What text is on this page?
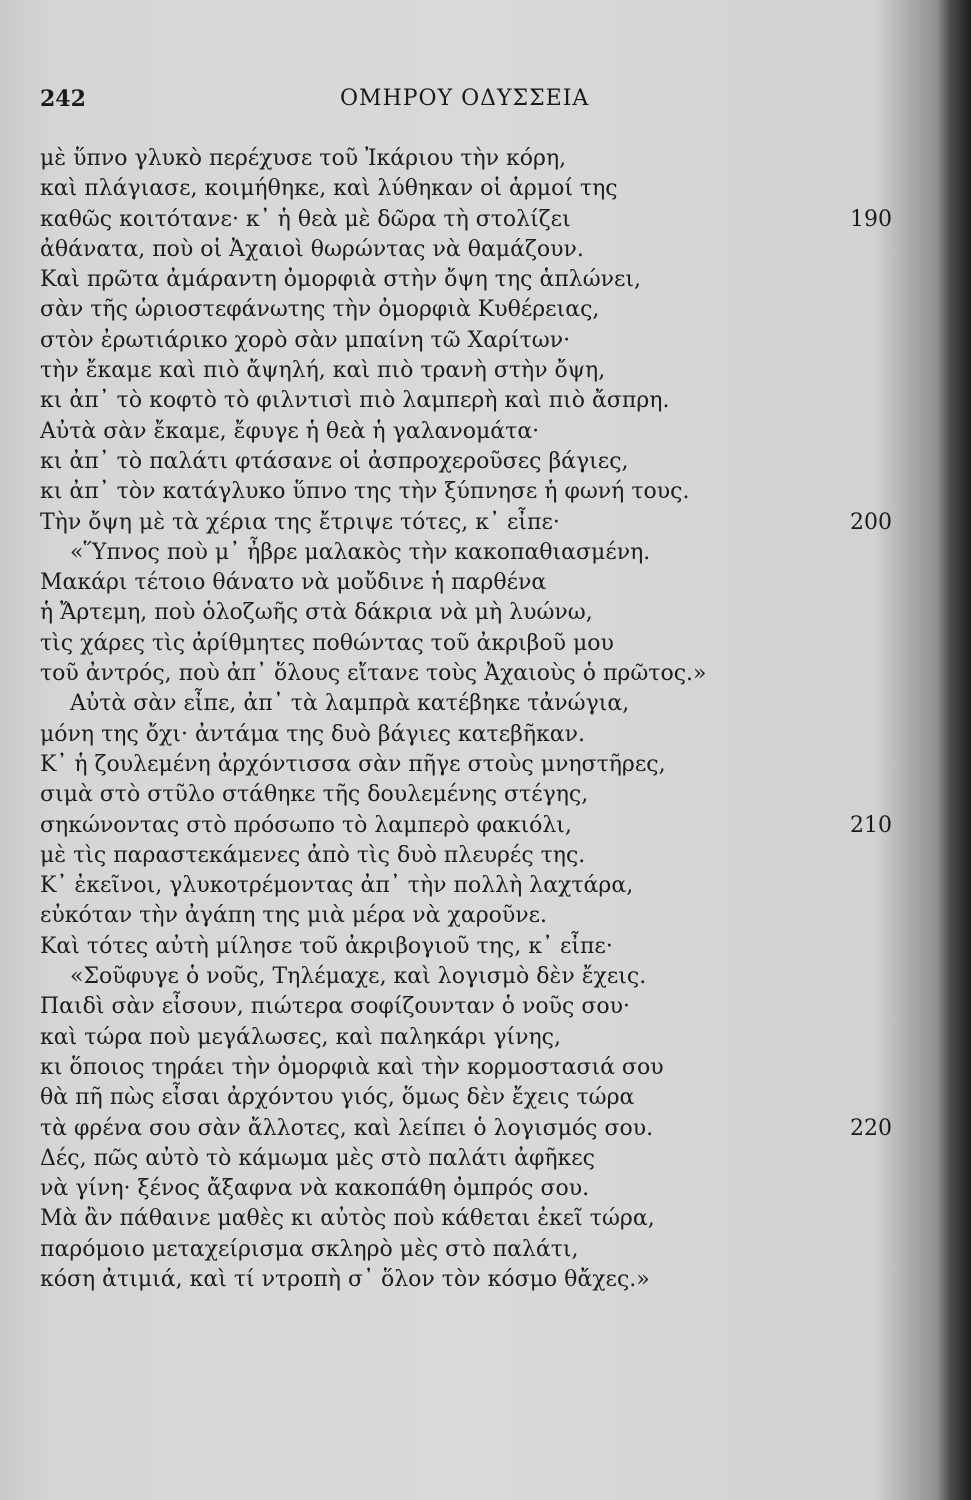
242	ΟΜΗΡΟΥ ΟΔΥΣΣΕΙΑ
μὲ ὕπνο γλυκὸ περέχυσε τοῦ Ἰκάριου τὴν κόρη,
καὶ πλάγιασε, κοιμήθηκε, καὶ λύθηκαν οἱ ἁρμοί της
καθῶς κοιτότανε· κ᾽ ἡ θεὰ μὲ δῶρα τὴ στολίζει	190
ἀθάνατα, ποὺ οἱ Ἀχαιοὶ θωρώντας νὰ θαμάζουν.
Καὶ πρῶτα ἀμάραντη ὀμορφιὰ στὴν ὄψη της ἁπλώνει,
σὰν τῆς ὡριοστεφάνωτης τὴν ὀμορφιὰ Κυθέρειας,
στὸν ἐρωτιάρικο χορὸ σὰν μπαίνη τῶ Χαρίτων·
τὴν ἔκαμε καὶ πιὸ ἄψηλή, καὶ πιὸ τρανὴ στὴν ὄψη,
κι ἀπ᾽ τὸ κοφτὸ τὸ φιλντισὶ πιὸ λαμπερὴ καὶ πιὸ ἄσπρη.
Αὐτὰ σὰν ἔκαμε, ἔφυγε ἡ θεὰ ἡ γαλανομάτα·
κι ἀπ᾽ τὸ παλάτι φτάσανε οἱ ἀσπροχεροῦσες βάγιες,
κι ἀπ᾽ τὸν κατάγλυκο ὕπνο της τὴν ξύπνησε ἡ φωνή τους.
Τὴν ὄψη μὲ τὰ χέρια της ἔτριψε τότες, κ᾽ εἶπε·	200
«Ὕπνος ποὺ μ᾽ ἦβρε μαλακὸς τὴν κακοπαθιασμένη.
Μακάρι τέτοιο θάνατο νὰ μοὔδινε ἡ παρθένα
ἡ Ἄρτεμη, ποὺ ὁλοζωῆς στὰ δάκρια νὰ μὴ λυώνω,
τὶς χάρες τὶς ἀρίθμητες ποθώντας τοῦ ἀκριβοῦ μου
τοῦ ἀντρός, ποὺ ἀπ᾽ ὅλους εἴτανε τοὺς Ἀχαιοὺς ὁ πρῶτος.»
Αὐτὰ σὰν εἶπε, ἀπ᾽ τὰ λαμπρὰ κατέβηκε τἀνώγια,
μόνη της ὄχι· ἀντάμα της δυὸ βάγιες κατεβῆκαν.
Κ᾽ ἡ ζουλεμένη ἀρχόντισσα σὰν πῆγε στοὺς μνηστῆρες,
σιμὰ στὸ στῦλο στάθηκε τῆς δουλεμένης στέγης,
σηκώνοντας στὸ πρόσωπο τὸ λαμπερὸ φακιόλι,	210
μὲ τὶς παραστεκάμενες ἀπὸ τὶς δυὸ πλευρές της.
Κ᾽ ἐκεῖνοι, γλυκοτρέμοντας ἀπ᾽ τὴν πολλὴ λαχτάρα,
εὐκόταν τὴν ἀγάπη της μιὰ μέρα νὰ χαροῦνε.
Καὶ τότες αὐτὴ μίλησε τοῦ ἀκριβογιοῦ της, κ᾽ εἶπε·
«Σοῦφυγε ὁ νοῦς, Τηλέμαχε, καὶ λογισμὸ δὲν ἔχεις.
Παιδὶ σὰν εἶσουν, πιώτερα σοφίζουνταν ὁ νοῦς σου·
καὶ τώρα ποὺ μεγάλωσες, καὶ παληκάρι γίνης,
κι ὅποιος τηράει τὴν ὀμορφιὰ καὶ τὴν κορμοστασιά σου
θὰ πῆ πὼς εἶσαι ἀρχόντου γιός, ὅμως δὲν ἔχεις τώρα
τὰ φρένα σου σὰν ἄλλοτες, καὶ λείπει ὁ λογισμός σου.	220
Δές, πῶς αὐτὸ τὸ κάμωμα μὲς στὸ παλάτι ἀφῆκες
νὰ γίνη· ξένος ἄξαφνα νὰ κακοπάθη ὀμπρός σου.
Μὰ ἂν πάθαινε μαθὲς κι αὐτὸς ποὺ κάθεται ἐκεῖ τώρα,
παρόμοιο μεταχείρισμα σκληρὸ μὲς στὸ παλάτι,
κόση ἀτιμιά, καὶ τί ντροπὴ σ᾽ ὅλον τὸν κόσμο θἄχες.»
